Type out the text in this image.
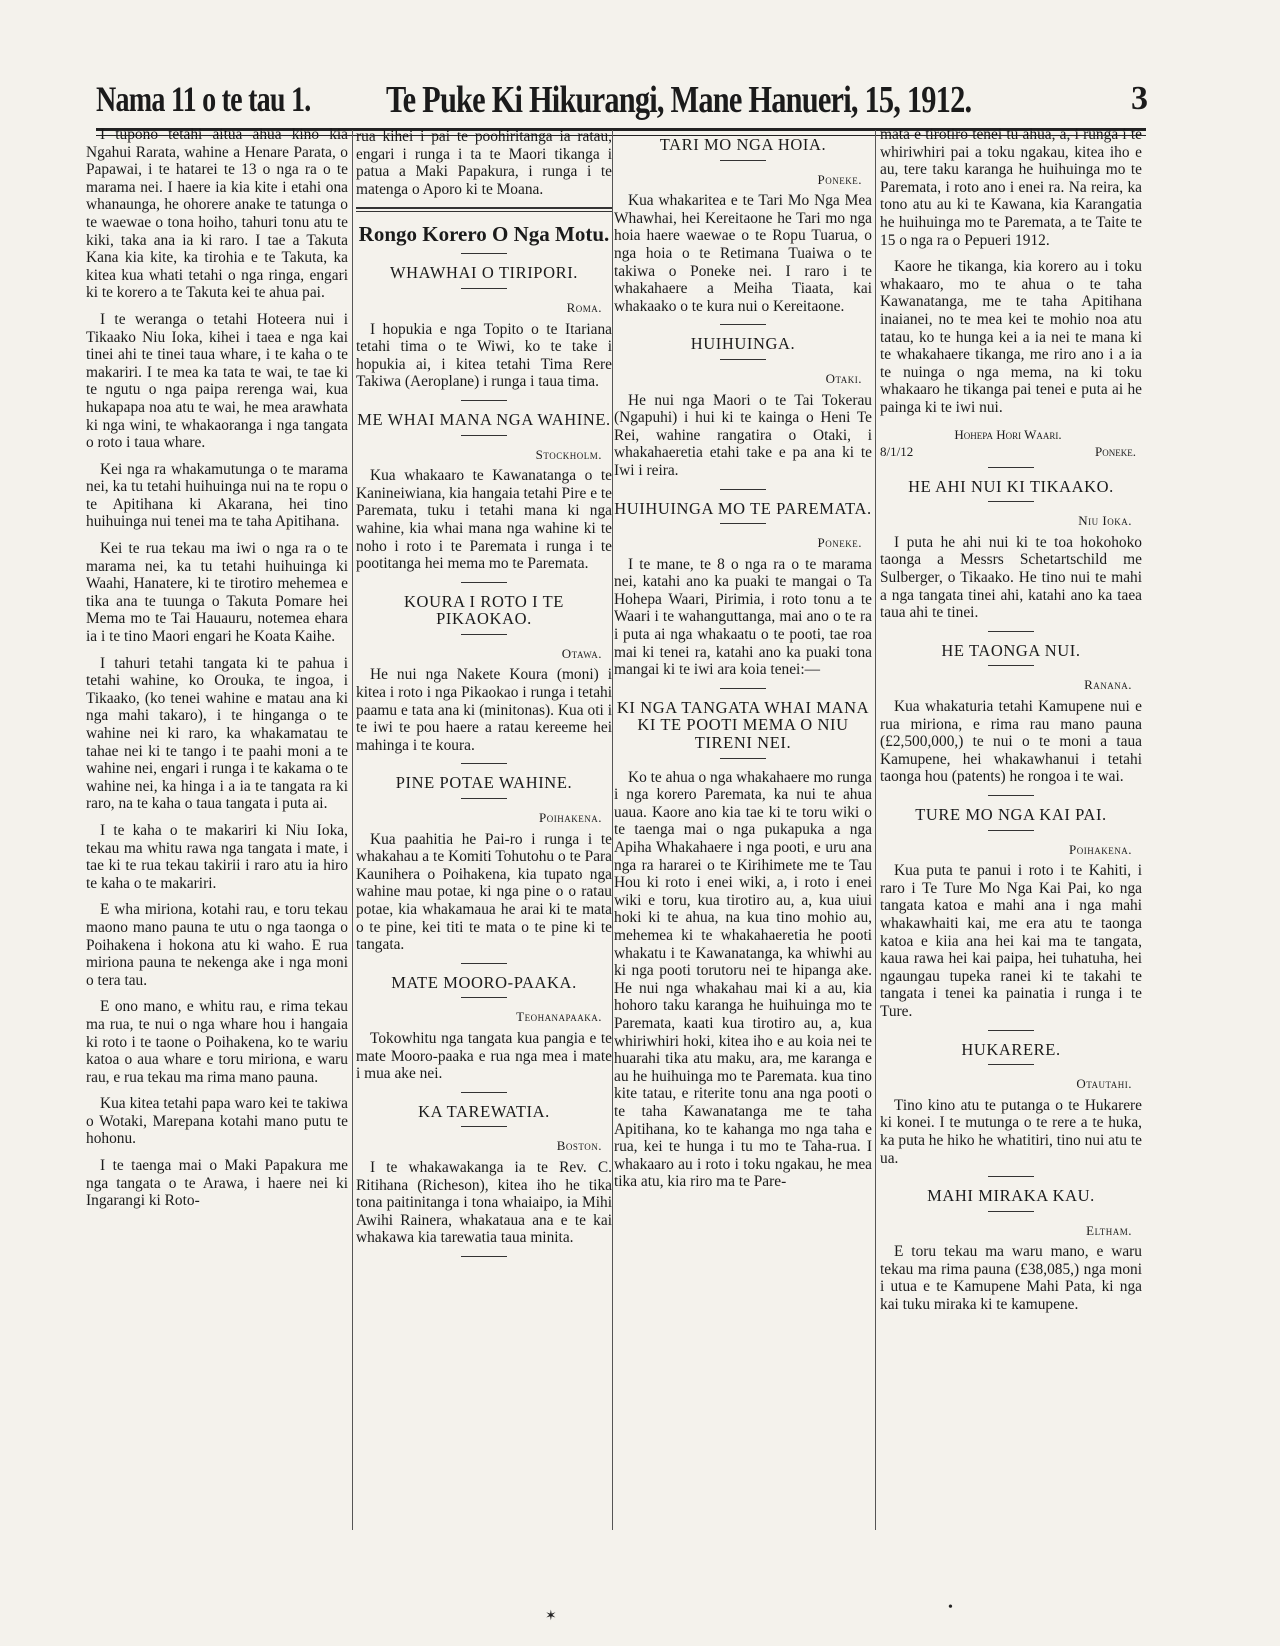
Nama 11 o te tau 1. Te Puke Ki Hikurangi, Mane Hanueri, 15, 1912.	3

I tupono tetahi aitua ahua kino kia Ngahui Rarata, wahine a Henare Parata, o Papawai, i te hatarei te 13 o nga ra o te marama nei. I haere ia kia kite i etahi ona whanaunga, he ohorere anake te tatunga o te waewae o tona hoiho, tahuri tonu atu te kiki, taka ana ia ki raro. I tae a Takuta Kana kia kite, ka tirohia e te Takuta, ka kitea kua whati tetahi o nga ringa, engari ki te korero a te Takuta kei te ahua pai.

I te weranga o tetahi Hoteera nui i Tikaako Niu Ioka, kihei i taea e nga kai tinei ahi te tinei taua whare, i te kaha o te makariri. I te mea ka tata te wai, te tae ki te ngutu o nga paipa rerenga wai, kua hukapapa noa atu te wai, he mea arawhata ki nga wini, te whakaoranga i nga tangata o roto i taua whare.

Kei nga ra whakamutunga o te marama nei, ka tu tetahi huihuinga nui na te ropu o te Apitihana ki Akarana, hei tino huihuinga nui tenei ma te taha Apitihana.

Kei te rua tekau ma iwi o nga ra o te marama nei, ka tu tetahi huihuinga ki Waahi, Hanatere, ki te tirotiro mehemea e tika ana te tuunga o Takuta Pomare hei Mema mo te Tai Hauauru, notemea ehara ia i te tino Maori engari he Koata Kaihe.

I tahuri tetahi tangata ki te pahua i tetahi wahine, ko Orouka, te ingoa, i Tikaako, (ko tenei wahine e matau ana ki nga mahi takaro), i te hinganga o te wahine nei ki raro, ka whakamatau te tahae nei ki te tango i te paahi moni a te wahine nei, engari i runga i te kakama o te wahine nei, ka hinga i a ia te tangata ra ki raro, na te kaha o taua tangata i puta ai.

I te kaha o te makariri ki Niu Ioka, tekau ma whitu rawa nga tangata i mate, i tae ki te rua tekau takirii i raro atu ia hiro te kaha o te makariri.

E wha miriona, kotahi rau, e toru tekau maono mano pauna te utu o nga taonga o Poihakena i hokona atu ki waho. E rua miriona pauna te nekenga ake i nga moni o tera tau.

E ono mano, e whitu rau, e rima tekau ma rua, te nui o nga whare hou i hangaia ki roto i te taone o Poihakena, ko te wariu katoa o aua whare e toru miriona, e waru rau, e rua tekau ma rima mano pauna.

Kua kitea tetahi papa waro kei te takiwa o Wotaki, Marepana kotahi mano putu te hohonu.

I te taenga mai o Maki Papakura me nga tangata o te Arawa, i haere nei ki Ingarangi ki Roto-

rua kihei i pai te poohiritanga ia ratau, engari i runga i ta te Maori tikanga i patua a Maki Papakura, i runga i te matenga o Aporo ki te Moana.

Rongo Korero O Nga Motu.
WHAWHAI O TIRIPORI.
Roma.

I hopukia e nga Topito o te Itariana tetahi tima o te Wiwi, ko te take i hopukia ai, i kitea tetahi Tima Rere Takiwa (Aeroplane) i runga i taua tima.

ME WHAI MANA NGA WAHINE.
Stockholm.

Kua whakaaro te Kawanatanga o te Kanineiwiana, kia hangaia tetahi Pire e te Paremata, tuku i tetahi mana ki nga wahine, kia whai mana nga wahine ki te noho i roto i te Paremata i runga i te pootitanga hei mema mo te Paremata.

KOURA I ROTO I TE PIKAOKAO.
Otawa.

He nui nga Nakete Koura (moni) i kitea i roto i nga Pikaokao i runga i tetahi paamu e tata ana ki (minitonas). Kua oti i te iwi te pou haere a ratau kereeme hei mahinga i te koura.

PINE POTAE WAHINE.
Poihakena.

Kua paahitia he Pai-ro i runga i te whakahau a te Komiti Tohutohu o te Para Kaunihera o Poihakena, kia tupato nga wahine mau potae, ki nga pine o o ratau potae, kia whakamaua he arai ki te mata o te pine, kei titi te mata o te pine ki te tangata.

MATE MOORO-PAAKA.
Teohanapaaka.

Tokowhitu nga tangata kua pangia e te mate Mooro-paaka e rua nga mea i mate i mua ake nei.

KA TAREWATIA.
Boston.

I te whakawakanga ia te Rev. C. Ritihana (Richeson), kitea iho he tika tona paitinitanga i tona whaiaipo, ia Mihi Awihi Rainera, whakatauа ana e te kai whakawa kia tarewatia taua minita.

TARI MO NGA HOIA.
Poneke.

Kua whakaritea e te Tari Mo Nga Mea Whawhai, hei Kereitaone he Tari mo nga hoia haere waewae o te Ropu Tuarua, o nga hoia o te Retimana Tuaiwa o te takiwa o Poneke nei. I raro i te whakahaere a Meiha Tiaata, kai whakaako o te kura nui o Kereitaone.

HUIHUINGA.
Otaki.

He nui nga Maori o te Tai Tokerau (Ngapuhi) i hui ki te kainga o Heni Te Rei, wahine rangatira o Otaki, i whakahaeretia etahi take e pa ana ki te Iwi i reira.

HUIHUINGA MO TE PAREMATA.
Poneke.

I te mane, te 8 o nga ra o te marama nei, katahi ano ka puaki te mangai o Ta Hohepa Waari, Pirimia, i roto tonu a te Waari i te wahanguttanga, mai ano o te ra i puta ai nga whakaatu o te pooti, tae roa mai ki tenei ra, katahi ano ka puaki tona mangai ki te iwi ara koia tenei:—

KI NGA TANGATA WHAI MANA KI TE POOTI MEMA O NIU TIRENI NEI.

Ko te ahua o nga whakahaere mo runga i nga korero Paremata, ka nui te ahua uaua. Kaore ano kia tae ki te toru wiki o te taenga mai o nga pukapuka a nga Apiha Whakahaere i nga pooti, e uru ana nga ra hararei o te Kirihimete me te Tau Hou ki roto i enei wiki, a, i roto i enei wiki e toru, kua tirotiro au, a, kua uiui hoki ki te ahua, na kua tino mohio au, mehemea ki te whakahaeretia he pooti whakatu i te Kawanatanga, ka whiwhi au ki nga pooti torutoru nei te hipanga ake. He nui nga whakahau mai ki a au, kia hohoro taku karanga he huihuinga mo te Paremata, kaati kua tirotiro au, a, kua whiriwhiri hoki, kitea iho e au koia nei te huarahi tika atu maku, ara, me karanga e au he huihuinga mo te Paremata. kua tino kite tatau, e riterite tonu ana nga pooti o te taha Kawanatanga me te taha Apitihana, ko te kahanga mo nga taha e rua, kei te hunga i tu mo te Taha-rua. I whakaaro au i roto i toku ngakau, he mea tika atu, kia riro ma te Pare-

mata e tirotiro tenei tu ahua, a, i runga i te whiriwhiri pai a toku ngakau, kitea iho e au, tere taku karanga he huihuinga mo te Paremata, i roto ano i enei ra. Na reira, ka tono atu au ki te Kawana, kia Karangatia he huihuinga mo te Paremata, a te Taite te 15 o nga ra o Pepueri 1912.

Kaore he tikanga, kia korero au i toku whakaaro, mo te ahua o te taha Kawanatanga, me te taha Apitihana inaianei, no te mea kei te mohio noa atu tatau, ko te hunga kei a ia nei te mana ki te whakahaere tikanga, me riro ano i a ia te nuinga o nga mema, na ki toku whakaaro he tikanga pai tenei e puta ai he painga ki te iwi nui.

Hohepa Hori Waari.
8/1/12	Poneke.
HE AHI NUI KI TIKAAKO.
Niu Ioka.

I puta he ahi nui ki te toa hokohoko taonga a Messrs Schetartschild me Sulberger, o Tikaako. He tino nui te mahi a nga tangata tinei ahi, katahi ano ka taea taua ahi te tinei.

HE TAONGA NUI.
Ranana.

Kua whakaturia tetahi Kamupene nui e rua miriona, e rima rau mano pauna (£2,500,000,) te nui o te moni a taua Kamupene, hei whakawhanui i tetahi taonga hou (patents) he rongoa i te wai.

TURE MO NGA KAI PAI.
Poihakena.

Kua puta te panui i roto i te Kahiti, i raro i Te Ture Mo Nga Kai Pai, ko nga tangata katoa e mahi ana i nga mahi whakawhaiti kai, me era atu te taonga katoa e kiia ana hei kai ma te tangata, kaua rawa hei kai paipa, hei tuhatuha, hei ngaungau tupeka ranei ki te takahi te tangata i tenei ka painatia i runga i te Ture.

HUKARERE.
Otautahi.

Tino kino atu te putanga o te Hukarere ki konei. I te mutunga o te rere a te huka, ka puta he hiko he whatitiri, tino nui atu te ua.

MAHI MIRAKA KAU.
Eltham.

E toru tekau ma waru mano, e waru tekau ma rima pauna (£38,085,) nga moni i utua e te Kamupene Mahi Pata, ki nga kai tuku miraka ki te kamupene.

✶
•
